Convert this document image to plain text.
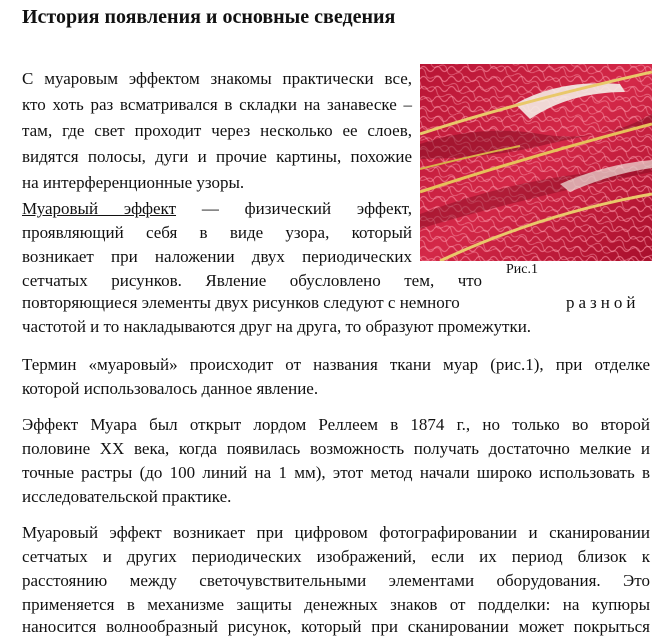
История появления и основные сведения
Рис.1
С муаровым эффектом знакомы практически все,
кто хоть раз всматривался в складки на занавеске –
там, где свет проходит через несколько ее слоев,
видятся полосы, дуги и прочие картины, похожие
на интерференционные узоры.
Муаровый эффект — физический эффект,
проявляющий себя в виде узора, который
возникает при наложении двух периодических
сетчатых рисунков. Явление обусловлено тем, что
повторяющиеся элементы двух рисунков следуют с немного	разной
частотой и то накладываются друг на друга, то образуют промежутки.
Термин «муаровый» происходит от названия ткани муар (рис.1), при отделке
которой использовалось данное явление.
Эффект Муара был открыт лордом Реллеем в 1874 г., но только во второй
половине XX века, когда появилась возможность получать достаточно мелкие и
точные растры (до 100 линий на 1 мм), этот метод начали широко использовать в
исследовательской практике.
Муаровый эффект возникает при цифровом фотографировании и сканировании
сетчатых и других периодических изображений, если их период близок к
расстоянию между светочувствительными элементами оборудования. Это
применяется в механизме защиты денежных знаков от подделки: на купюры
наносится волнообразный рисунок, который при сканировании может покрыться
